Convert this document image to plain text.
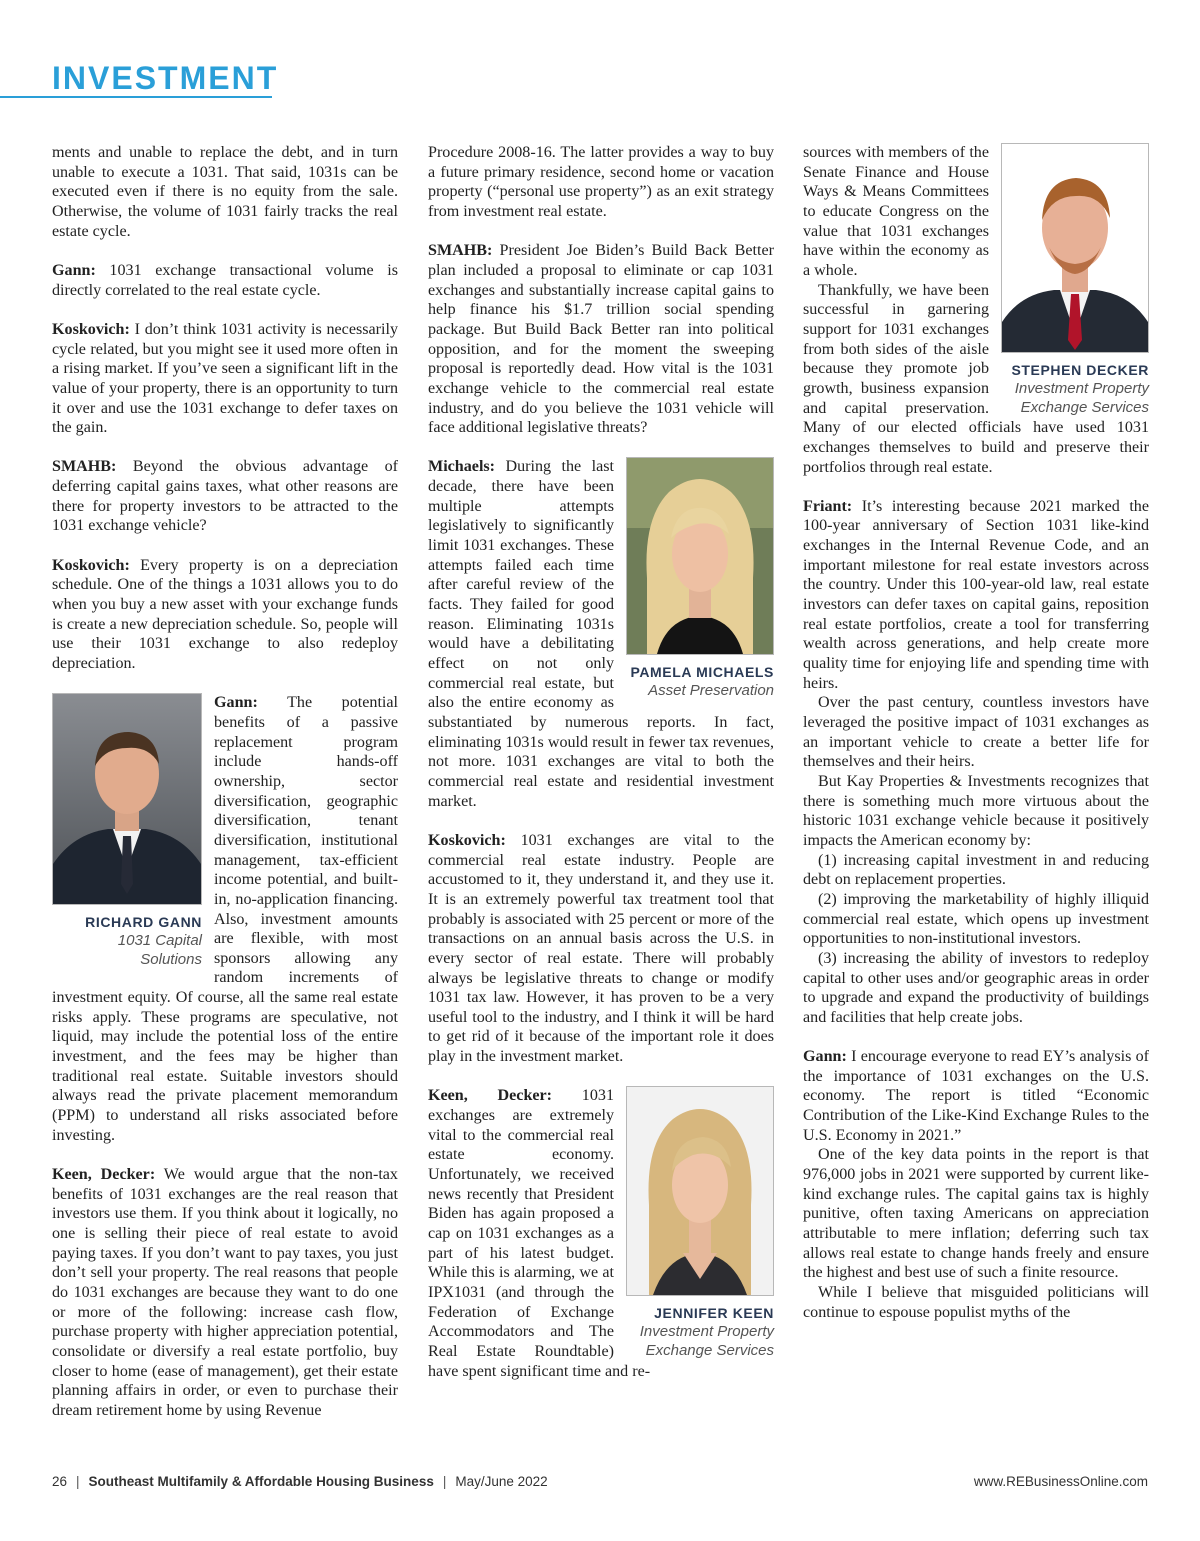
INVESTMENT

ments and unable to replace the debt, and in turn unable to execute a 1031. That said, 1031s can be executed even if there is no equity from the sale. Otherwise, the volume of 1031 fairly tracks the real estate cycle.

Gann: 1031 exchange transactional volume is directly correlated to the real estate cycle.

Koskovich: I don’t think 1031 activity is necessarily cycle related, but you might see it used more often in a rising market. If you’ve seen a significant lift in the value of your property, there is an opportunity to turn it over and use the 1031 exchange to defer taxes on the gain.

SMAHB: Beyond the obvious advantage of deferring capital gains taxes, what other reasons are there for property investors to be attracted to the 1031 exchange vehicle?

Koskovich: Every property is on a depreciation schedule. One of the things a 1031 allows you to do when you buy a new asset with your exchange funds is create a new depreciation schedule. So, people will use their 1031 exchange to also redeploy depreciation.

RICHARD GANN
1031 Capital
Solutions

Gann: The potential benefits of a passive replacement program include hands-off ownership, sector diversification, geographic diversification, tenant diversification, institutional management, tax-efficient income potential, and built-in, no-application financing. Also, investment amounts are flexible, with most sponsors allowing any random increments of investment equity. Of course, all the same real estate risks apply. These programs are speculative, not liquid, may include the potential loss of the entire investment, and the fees may be higher than traditional real estate. Suitable investors should always read the private placement memorandum (PPM) to understand all risks associated before investing.

Keen, Decker: We would argue that the non-tax benefits of 1031 exchanges are the real reason that investors use them. If you think about it logically, no one is selling their piece of real estate to avoid paying taxes. If you don’t want to pay taxes, you just don’t sell your property. The real reasons that people do 1031 exchanges are because they want to do one or more of the following: increase cash flow, purchase property with higher appreciation potential, consolidate or diversify a real estate portfolio, buy closer to home (ease of management), get their estate planning affairs in order, or even to purchase their dream retirement home by using Revenue

Procedure 2008-16. The latter provides a way to buy a future primary residence, second home or vacation property (“personal use property”) as an exit strategy from investment real estate.

SMAHB: President Joe Biden’s Build Back Better plan included a proposal to eliminate or cap 1031 exchanges and substantially increase capital gains to help finance his $1.7 trillion social spending package. But Build Back Better ran into political opposition, and for the moment the sweeping proposal is reportedly dead. How vital is the 1031 exchange vehicle to the commercial real estate industry, and do you believe the 1031 vehicle will face additional legislative threats?

PAMELA MICHAELS
Asset Preservation

Michaels: During the last decade, there have been multiple attempts legislatively to significantly limit 1031 exchanges. These attempts failed each time after careful review of the facts. They failed for good reason. Eliminating 1031s would have a debilitating effect on not only commercial real estate, but also the entire economy as substantiated by numerous reports. In fact, eliminating 1031s would result in fewer tax revenues, not more. 1031 exchanges are vital to both the commercial real estate and residential investment market.

Koskovich: 1031 exchanges are vital to the commercial real estate industry. People are accustomed to it, they understand it, and they use it. It is an extremely powerful tax treatment tool that probably is associated with 25 percent or more of the transactions on an annual basis across the U.S. in every sector of real estate. There will probably always be legislative threats to change or modify 1031 tax law. However, it has proven to be a very useful tool to the industry, and I think it will be hard to get rid of it because of the important role it does play in the investment market.

JENNIFER KEEN
Investment Property
Exchange Services

Keen, Decker: 1031 exchanges are extremely vital to the commercial real estate economy. Unfortunately, we received news recently that President Biden has again proposed a cap on 1031 exchanges as a part of his latest budget. While this is alarming, we at IPX1031 (and through the Federation of Exchange Accommodators and The Real Estate Roundtable) have spent significant time and re-

STEPHEN DECKER
Investment Property
Exchange Services

sources with members of the Senate Finance and House Ways & Means Committees to educate Congress on the value that 1031 exchanges have within the economy as a whole.

Thankfully, we have been successful in garnering support for 1031 exchanges from both sides of the aisle because they promote job growth, business expansion and capital preservation. Many of our elected officials have used 1031 exchanges themselves to build and preserve their portfolios through real estate.

Friant: It’s interesting because 2021 marked the 100-year anniversary of Section 1031 like-kind exchanges in the Internal Revenue Code, and an important milestone for real estate investors across the country. Under this 100-year-old law, real estate investors can defer taxes on capital gains, reposition real estate portfolios, create a tool for transferring wealth across generations, and help create more quality time for enjoying life and spending time with heirs.

Over the past century, countless investors have leveraged the positive impact of 1031 exchanges as an important vehicle to create a better life for themselves and their heirs.

But Kay Properties & Investments recognizes that there is something much more virtuous about the historic 1031 exchange vehicle because it positively impacts the American economy by:

(1) increasing capital investment in and reducing debt on replacement properties.

(2) improving the marketability of highly illiquid commercial real estate, which opens up investment opportunities to non-institutional investors.

(3) increasing the ability of investors to redeploy capital to other uses and/or geographic areas in order to upgrade and expand the productivity of buildings and facilities that help create jobs.

Gann: I encourage everyone to read EY’s analysis of the importance of 1031 exchanges on the U.S. economy. The report is titled “Economic Contribution of the Like-Kind Exchange Rules to the U.S. Economy in 2021.”

One of the key data points in the report is that 976,000 jobs in 2021 were supported by current like-kind exchange rules. The capital gains tax is highly punitive, often taxing Americans on appreciation attributable to mere inflation; deferring such tax allows real estate to change hands freely and ensure the highest and best use of such a finite resource.

While I believe that misguided politicians will continue to espouse populist myths of the

26 | Southeast Multifamily & Affordable Housing Business | May/June 2022	www.REBusinessOnline.com
